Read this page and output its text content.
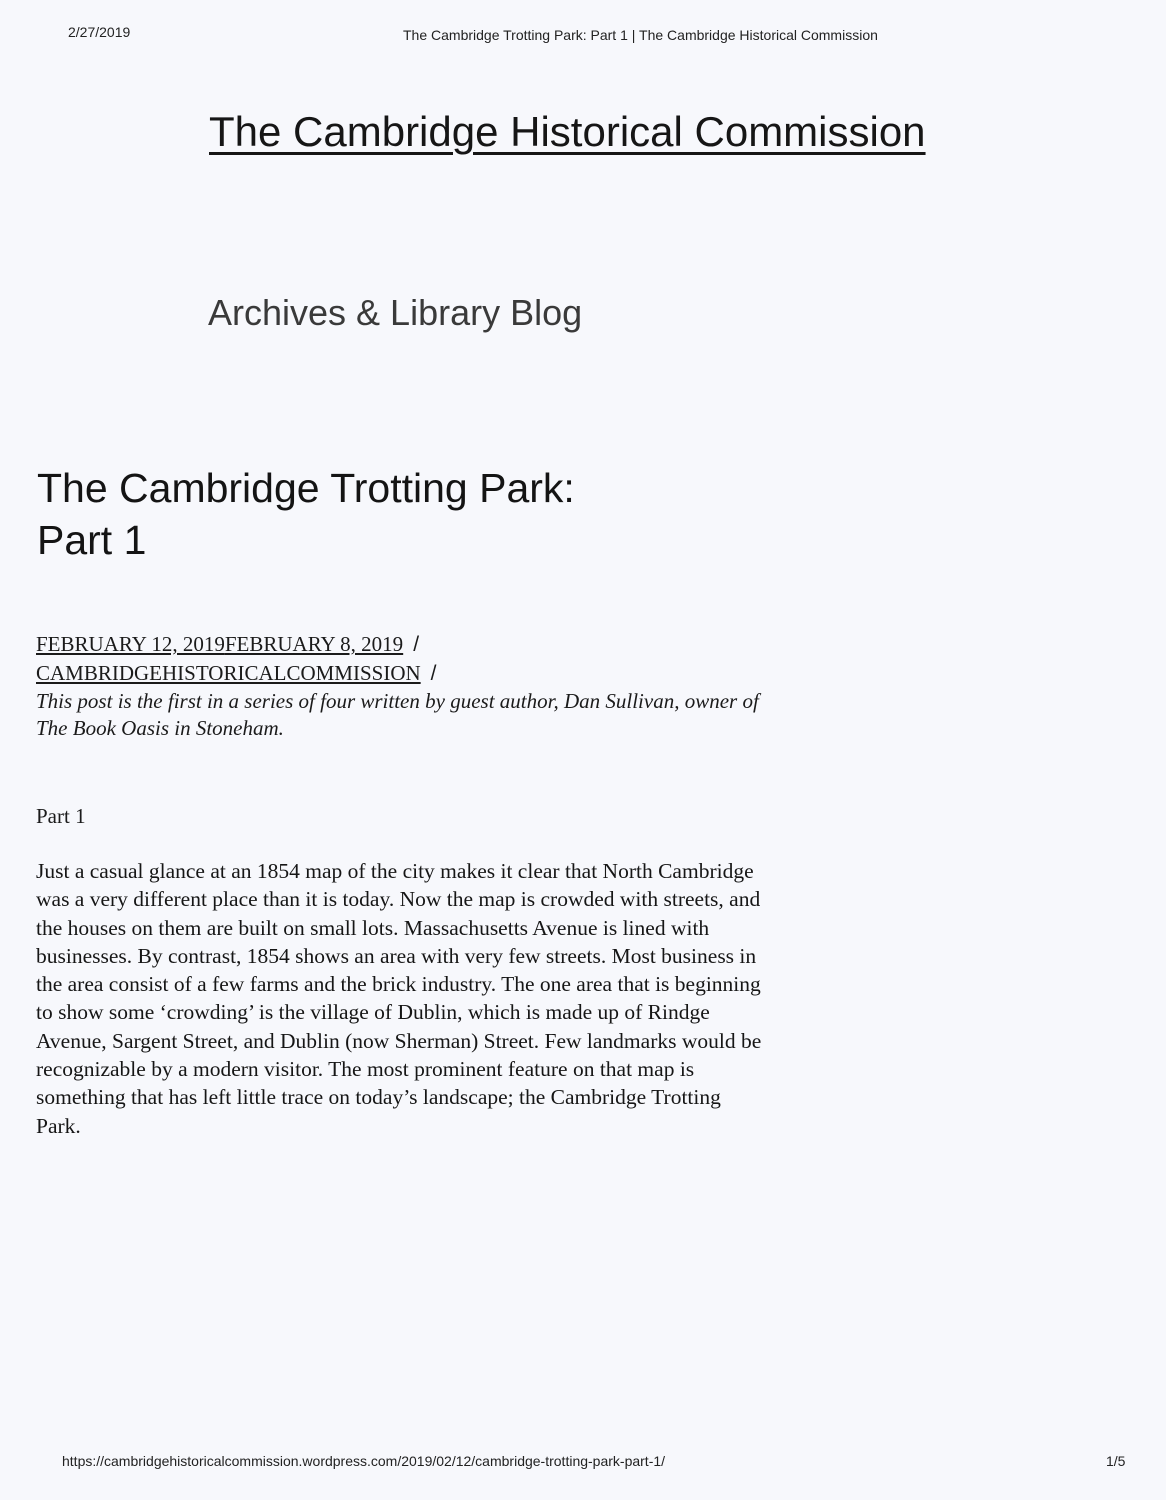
2/27/2019	The Cambridge Trotting Park: Part 1 | The Cambridge Historical Commission
The Cambridge Historical Commission
Archives & Library Blog
The Cambridge Trotting Park:
Part 1
FEBRUARY 12, 2019FEBRUARY 8, 2019 /
CAMBRIDGEHISTORICALCOMMISSION /
This post is the first in a series of four written by guest author, Dan Sullivan, owner of The Book Oasis in Stoneham.
Part 1

Just a casual glance at an 1854 map of the city makes it clear that North Cambridge was a very different place than it is today. Now the map is crowded with streets, and the houses on them are built on small lots. Massachusetts Avenue is lined with businesses. By contrast, 1854 shows an area with very few streets. Most business in the area consist of a few farms and the brick industry. The one area that is beginning to show some ‘crowding’ is the village of Dublin, which is made up of Rindge Avenue, Sargent Street, and Dublin (now Sherman) Street. Few landmarks would be recognizable by a modern visitor. The most prominent feature on that map is something that has left little trace on today’s landscape; the Cambridge Trotting Park.

https://cambridgehistoricalcommission.wordpress.com/2019/02/12/cambridge-trotting-park-part-1/	1/5
